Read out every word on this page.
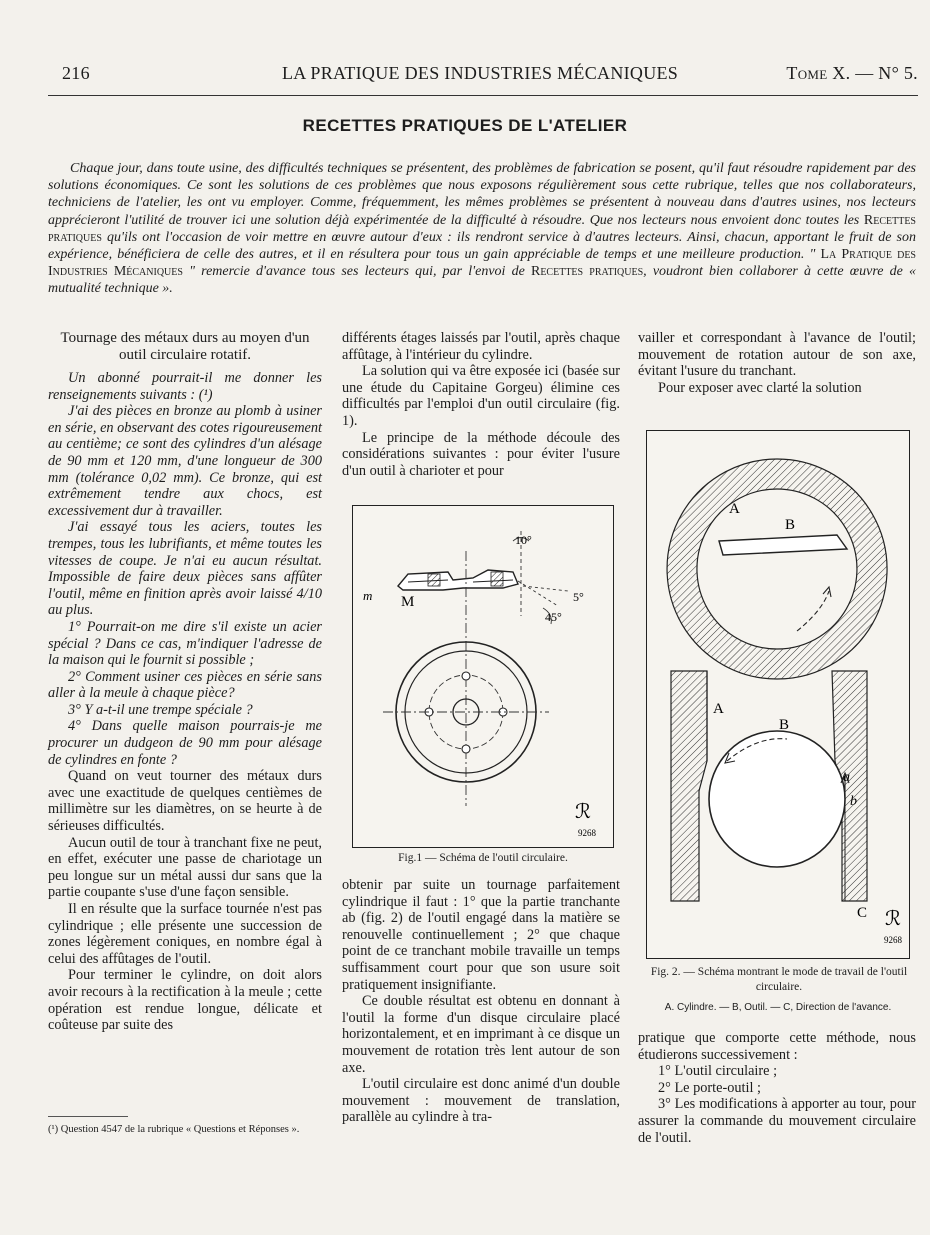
216	LA PRATIQUE DES INDUSTRIES MÉCANIQUES	Tome X. — N° 5.
RECETTES PRATIQUES DE L'ATELIER

Chaque jour, dans toute usine, des difficultés techniques se présentent, des problèmes de fabrication se posent, qu'il faut résoudre rapidement par des solutions économiques. Ce sont les solutions de ces problèmes que nous exposons régulièrement sous cette rubrique, telles que nos collaborateurs, techniciens de l'atelier, les ont vu employer. Comme, fréquemment, les mêmes problèmes se présentent à nouveau dans d'autres usines, nos lecteurs apprécieront l'utilité de trouver ici une solution déjà expérimentée de la difficulté à résoudre. Que nos lecteurs nous envoient donc toutes les Recettes pratiques qu'ils ont l'occasion de voir mettre en œuvre autour d'eux : ils rendront service à d'autres lecteurs. Ainsi, chacun, apportant le fruit de son expérience, bénéficiera de celle des autres, et il en résultera pour tous un gain appréciable de temps et une meilleure production. " La Pratique des Industries Mécaniques " remercie d'avance tous ses lecteurs qui, par l'envoi de Recettes pratiques, voudront bien collaborer à cette œuvre de « mutualité technique ».

Tournage des métaux durs au moyen d'un outil circulaire rotatif.

Un abonné pourrait-il me donner les renseignements suivants : (¹)

J'ai des pièces en bronze au plomb à usiner en série, en observant des cotes rigoureusement au centième; ce sont des cylindres d'un alésage de 90 mm et 120 mm, d'une longueur de 300 mm (tolérance 0,02 mm). Ce bronze, qui est extrêmement tendre aux chocs, est excessivement dur à travailler.

J'ai essayé tous les aciers, toutes les trempes, tous les lubrifiants, et même toutes les vitesses de coupe. Je n'ai eu aucun résultat. Impossible de faire deux pièces sans affûter l'outil, même en finition après avoir laissé 4/10 au plus.

1° Pourrait-on me dire s'il existe un acier spécial ? Dans ce cas, m'indiquer l'adresse de la maison qui le fournit si possible ;

2° Comment usiner ces pièces en série sans aller à la meule à chaque pièce?

3° Y a-t-il une trempe spéciale ?

4° Dans quelle maison pourrais-je me procurer un dudgeon de 90 mm pour alésage de cylindres en fonte ?

Quand on veut tourner des métaux durs avec une exactitude de quelques centièmes de millimètre sur les diamètres, on se heurte à de sérieuses difficultés.

Aucun outil de tour à tranchant fixe ne peut, en effet, exécuter une passe de chariotage un peu longue sur un métal aussi dur sans que la partie coupante s'use d'une façon sensible.

Il en résulte que la surface tournée n'est pas cylindrique ; elle présente une succession de zones légèrement coniques, en nombre égal à celui des affûtages de l'outil.

Pour terminer le cylindre, on doit alors avoir recours à la rectification à la meule ; cette opération est rendue longue, délicate et coûteuse par suite des

(¹) Question 4547 de la rubrique « Questions et Réponses ».

différents étages laissés par l'outil, après chaque affûtage, à l'intérieur du cylindre.

La solution qui va être exposée ici (basée sur une étude du Capitaine Gorgeu) élimine ces difficultés par l'emploi d'un outil circulaire (fig. 1).

Le principe de la méthode découle des considérations suivantes : pour éviter l'usure d'un outil à charioter et pour

10°
5°
45°
m M
ℛ
9268
Fig.1 — Schéma de l'outil circulaire.

obtenir par suite un tournage parfaitement cylindrique il faut : 1° que la partie tranchante ab (fig. 2) de l'outil engagé dans la matière se renouvelle continuellement ; 2° que chaque point de ce tranchant mobile travaille un temps suffisamment court pour que son usure soit pratiquement insignifiante.

Ce double résultat est obtenu en donnant à l'outil la forme d'un disque circulaire placé horizontalement, et en imprimant à ce disque un mouvement de rotation très lent autour de son axe.

L'outil circulaire est donc animé d'un double mouvement : mouvement de translation, parallèle au cylindre à tra-

vailler et correspondant à l'avance de l'outil; mouvement de rotation autour de son axe, évitant l'usure du tranchant.

Pour exposer avec clarté la solution

A
B
A
B
a
b
C ℛ
9268
Fig. 2. — Schéma montrant le mode de travail de l'outil circulaire.
A. Cylindre. — B, Outil. — C, Direction de l'avance.

pratique que comporte cette méthode, nous étudierons successivement :

1° L'outil circulaire ;

2° Le porte-outil ;

3° Les modifications à apporter au tour, pour assurer la commande du mouvement circulaire de l'outil.
